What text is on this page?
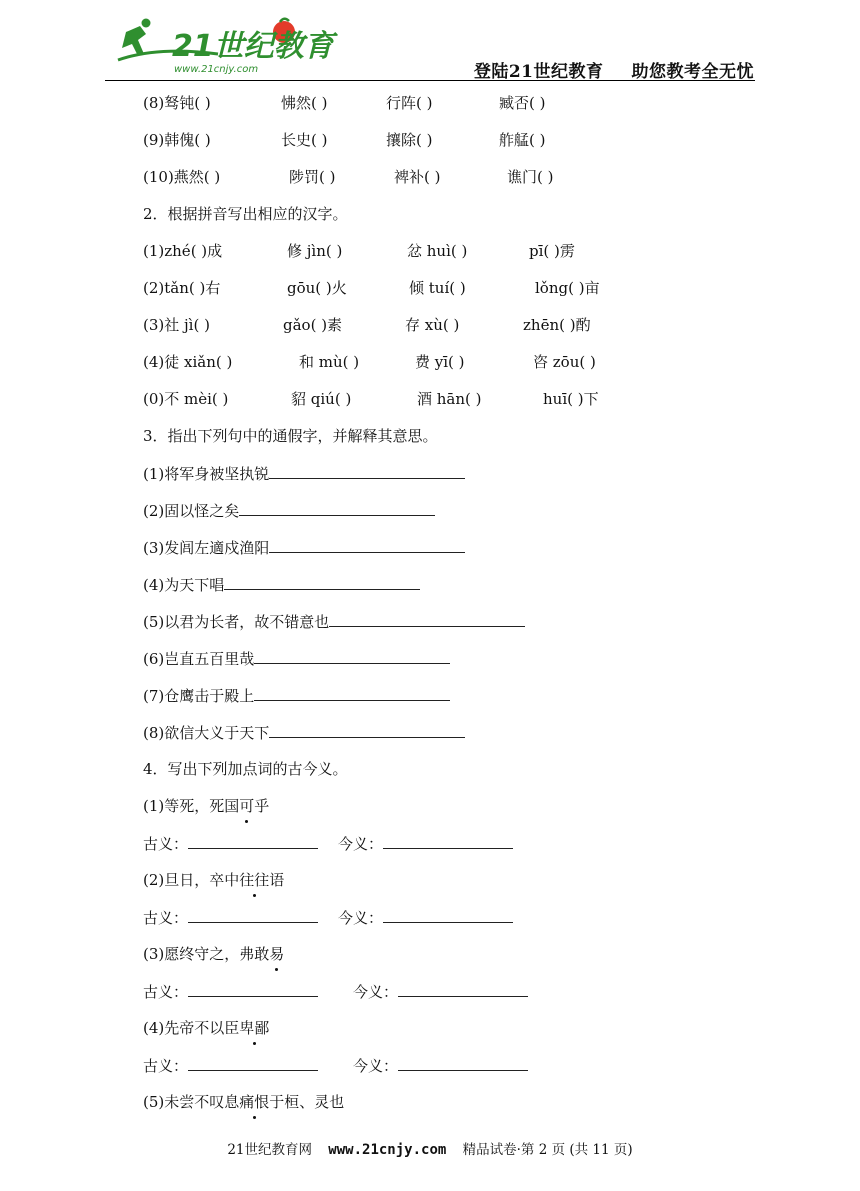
21世纪教育
www.21cnjy.com	登陆21世纪教育 助您教考全无忧
(8)驽钝( )	怫然( )	行阵( )	臧否( )
(9)韩傀( )	长史( )	攘除( )	舴艋( )
(10)燕然( )	陟罚( )	裨补( )	谯门( )
2．根据拼音写出相应的汉字。
(1)zhé( )成	修 jìn( )	忿 huì( )	pī( )雳
(2)tǎn( )右	gōu( )火	倾 tuí( )	lǒng( )亩
(3)社 jì( )	gǎo( )素	存 xù( )	zhēn( )酌
(4)徒 xiǎn( )	和 mù( )	费 yī( )	咨 zōu( )
(0)不 mèi( )	貂 qiú( )	酒 hān( )	huī( )下
3．指出下列句中的通假字，并解释其意思。
(1)将军身被坚执锐
(2)固以怪之矣
(3)发闾左適戍渔阳
(4)为天下唱
(5)以君为长者，故不错意也
(6)岂直五百里哉
(7)仓鹰击于殿上
(8)欲信大义于天下
4．写出下列加点词的古今义。
(1)等死，死国可乎
古义：	今义：
(2)旦日，卒中往往语
古义：	今义：
(3)愿终守之，弗敢易
古义：	今义：
(4)先帝不以臣卑鄙
古义：	今义：
(5)未尝不叹息痛恨于桓、灵也
21世纪教育网 www.21cnjy.com 精品试卷·第 2 页 (共 11 页)
